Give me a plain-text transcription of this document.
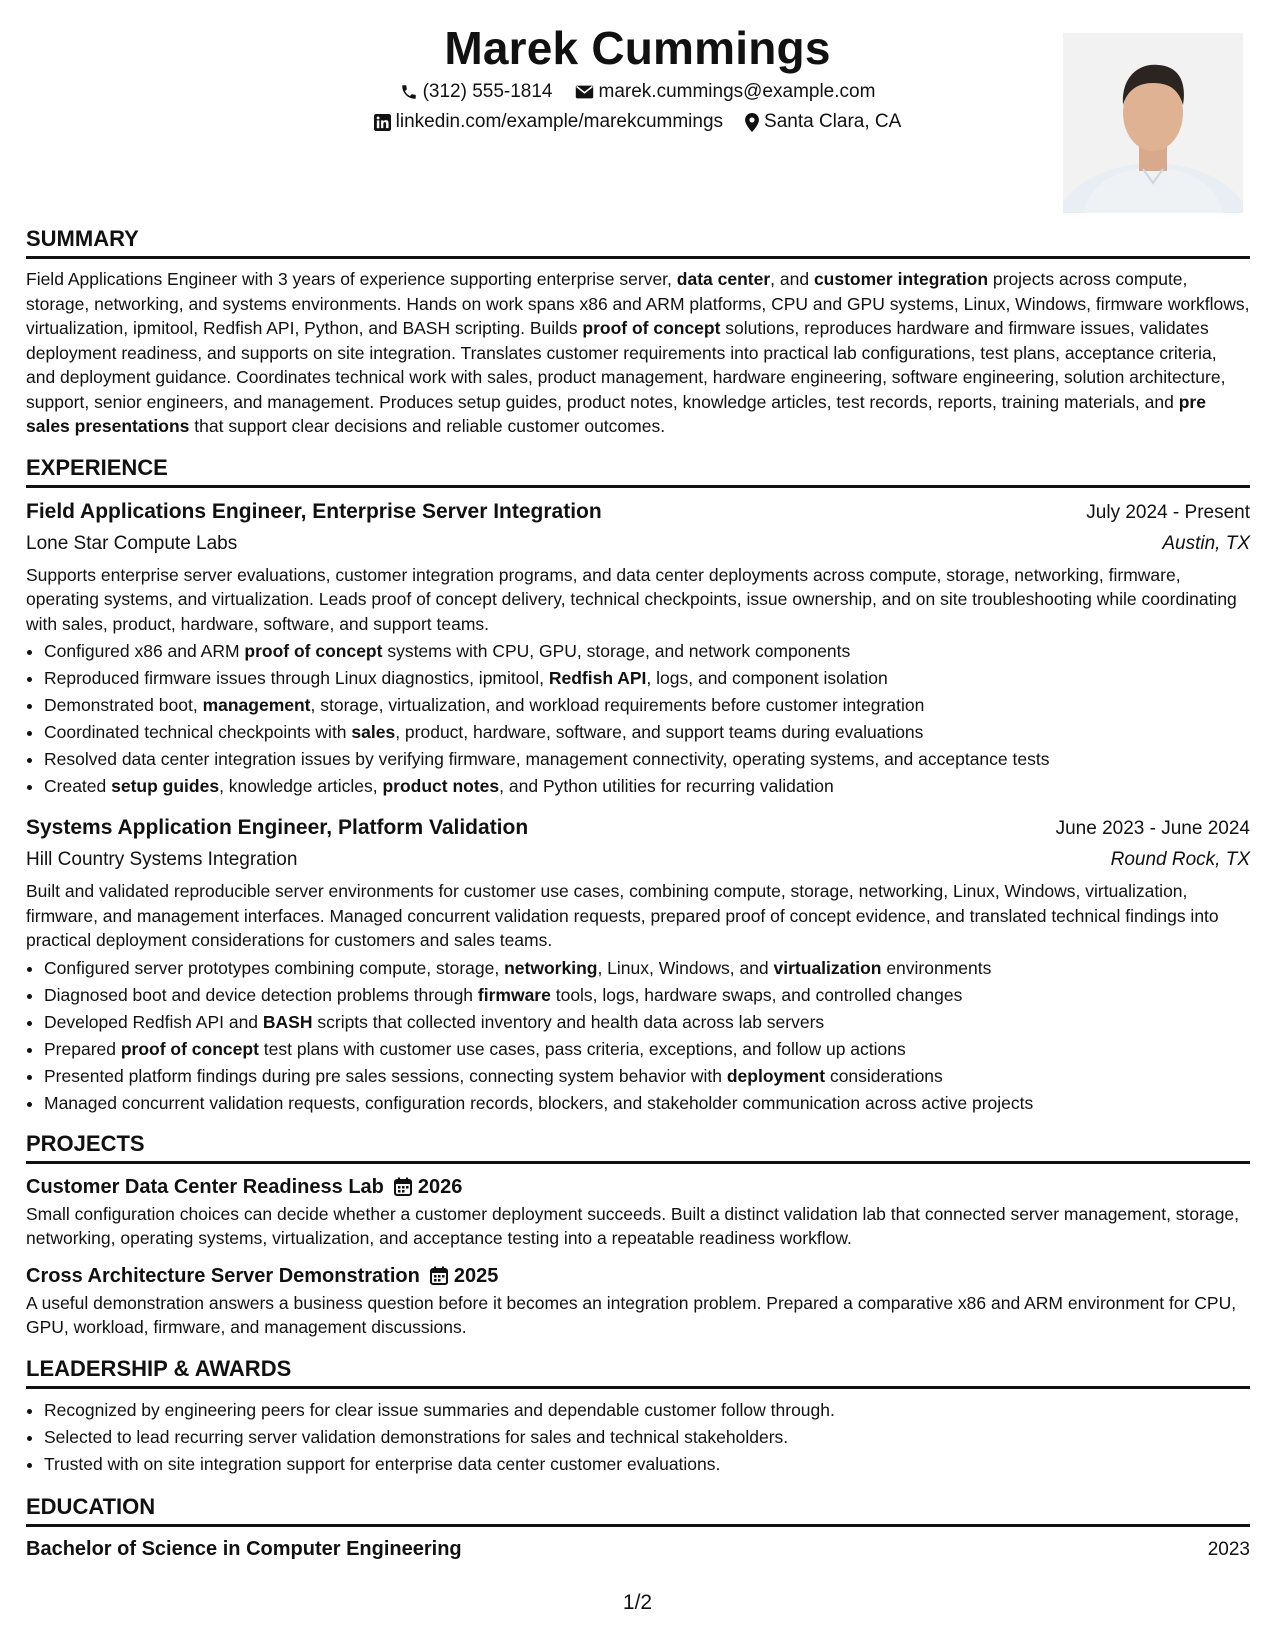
Marek Cummings
(312) 555-1814 marek.cummings@example.com
linkedin.com/example/marekcummings Santa Clara, CA
SUMMARY

Field Applications Engineer with 3 years of experience supporting enterprise server, data center, and customer integration projects across compute, storage, networking, and systems environments. Hands on work spans x86 and ARM platforms, CPU and GPU systems, Linux, Windows, firmware workflows, virtualization, ipmitool, Redfish API, Python, and BASH scripting. Builds proof of concept solutions, reproduces hardware and firmware issues, validates deployment readiness, and supports on site integration. Translates customer requirements into practical lab configurations, test plans, acceptance criteria, and deployment guidance. Coordinates technical work with sales, product management, hardware engineering, software engineering, solution architecture, support, senior engineers, and management. Produces setup guides, product notes, knowledge articles, test records, reports, training materials, and pre sales presentations that support clear decisions and reliable customer outcomes.

EXPERIENCE
Field Applications Engineer, Enterprise Server Integration	July 2024 - Present
Lone Star Compute Labs	Austin, TX

Supports enterprise server evaluations, customer integration programs, and data center deployments across compute, storage, networking, firmware, operating systems, and virtualization. Leads proof of concept delivery, technical checkpoints, issue ownership, and on site troubleshooting while coordinating with sales, product, hardware, software, and support teams.

• Configured x86 and ARM proof of concept systems with CPU, GPU, storage, and network components
• Reproduced firmware issues through Linux diagnostics, ipmitool, Redfish API, logs, and component isolation
• Demonstrated boot, management, storage, virtualization, and workload requirements before customer integration
• Coordinated technical checkpoints with sales, product, hardware, software, and support teams during evaluations
• Resolved data center integration issues by verifying firmware, management connectivity, operating systems, and acceptance tests
• Created setup guides, knowledge articles, product notes, and Python utilities for recurring validation
Systems Application Engineer, Platform Validation	June 2023 - June 2024
Hill Country Systems Integration	Round Rock, TX

Built and validated reproducible server environments for customer use cases, combining compute, storage, networking, Linux, Windows, virtualization, firmware, and management interfaces. Managed concurrent validation requests, prepared proof of concept evidence, and translated technical findings into practical deployment considerations for customers and sales teams.

• Configured server prototypes combining compute, storage, networking, Linux, Windows, and virtualization environments
• Diagnosed boot and device detection problems through firmware tools, logs, hardware swaps, and controlled changes
• Developed Redfish API and BASH scripts that collected inventory and health data across lab servers
• Prepared proof of concept test plans with customer use cases, pass criteria, exceptions, and follow up actions
• Presented platform findings during pre sales sessions, connecting system behavior with deployment considerations
• Managed concurrent validation requests, configuration records, blockers, and stakeholder communication across active projects
PROJECTS
Customer Data Center Readiness Lab 2026

Small configuration choices can decide whether a customer deployment succeeds. Built a distinct validation lab that connected server management, storage, networking, operating systems, virtualization, and acceptance testing into a repeatable readiness workflow.

Cross Architecture Server Demonstration 2025

A useful demonstration answers a business question before it becomes an integration problem. Prepared a comparative x86 and ARM environment for CPU, GPU, workload, firmware, and management discussions.

LEADERSHIP & AWARDS
• Recognized by engineering peers for clear issue summaries and dependable customer follow through.
• Selected to lead recurring server validation demonstrations for sales and technical stakeholders.
• Trusted with on site integration support for enterprise data center customer evaluations.
EDUCATION
Bachelor of Science in Computer Engineering	2023
1/2
